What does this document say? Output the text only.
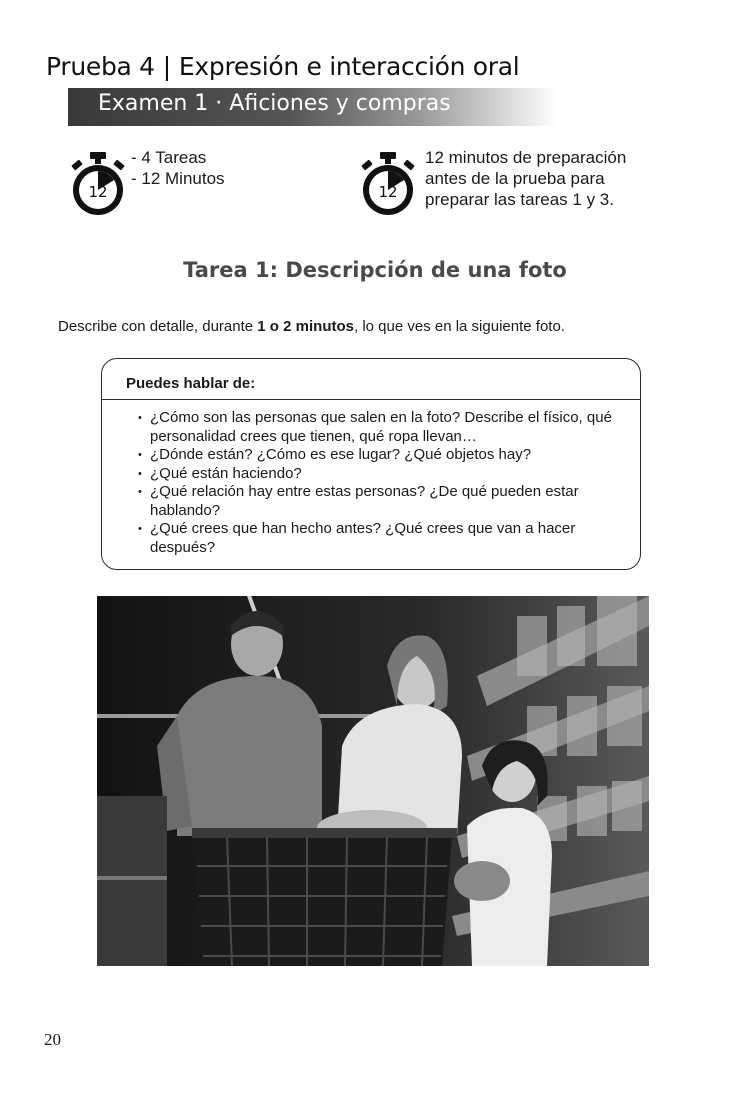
Prueba 4 | Expresión e interacción oral
Examen 1 · Aficiones y compras
12
- 4 Tareas
- 12 Minutos
12
12 minutos de preparación
antes de la prueba para
preparar las tareas 1 y 3.
Tarea 1: Descripción de una foto
Describe con detalle, durante 1 o 2 minutos, lo que ves en la siguiente foto.
Puedes hablar de:
• ¿Cómo son las personas que salen en la foto? Describe el físico, qué personalidad crees que tienen, qué ropa llevan…
• ¿Dónde están? ¿Cómo es ese lugar? ¿Qué objetos hay?
• ¿Qué están haciendo?
• ¿Qué relación hay entre estas personas? ¿De qué pueden estar hablando?
• ¿Qué crees que han hecho antes? ¿Qué crees que van a hacer después?
20
